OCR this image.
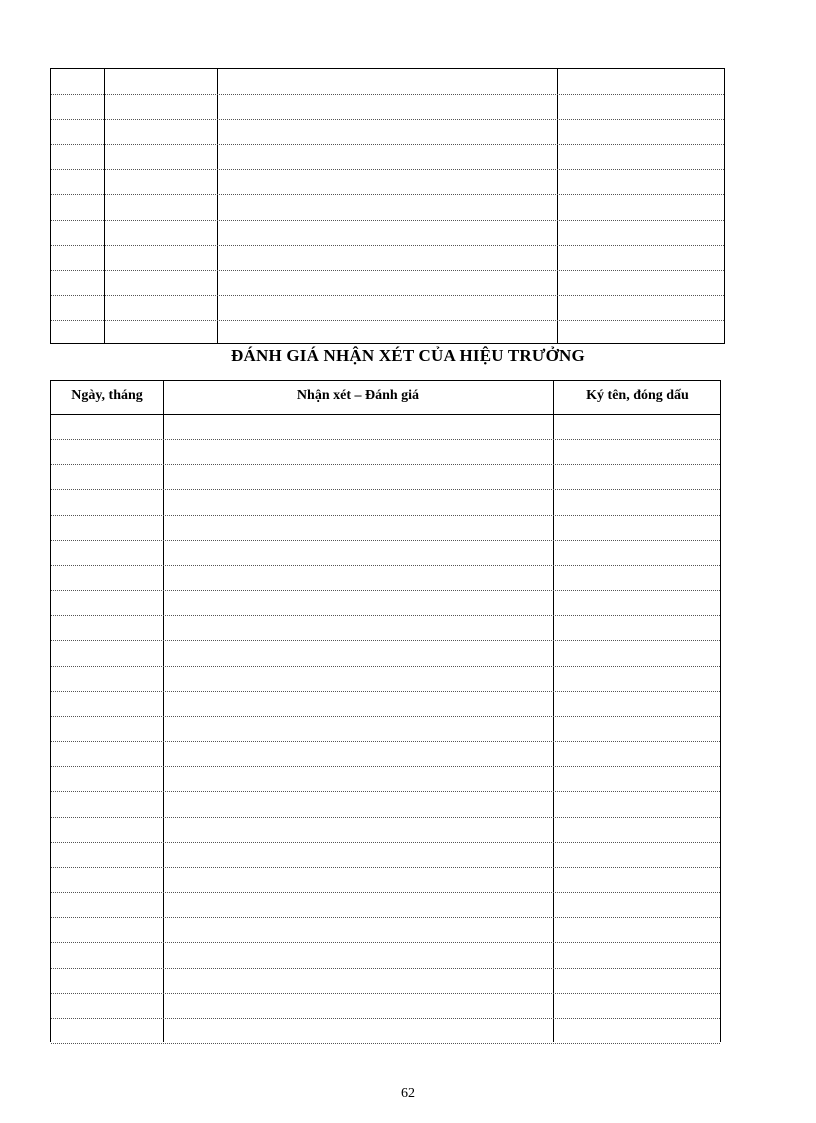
ĐÁNH GIÁ NHẬN XÉT CỦA HIỆU TRƯỞNG
Ngày, tháng	Nhận xét – Đánh giá	Ký tên, đóng dấu
62
